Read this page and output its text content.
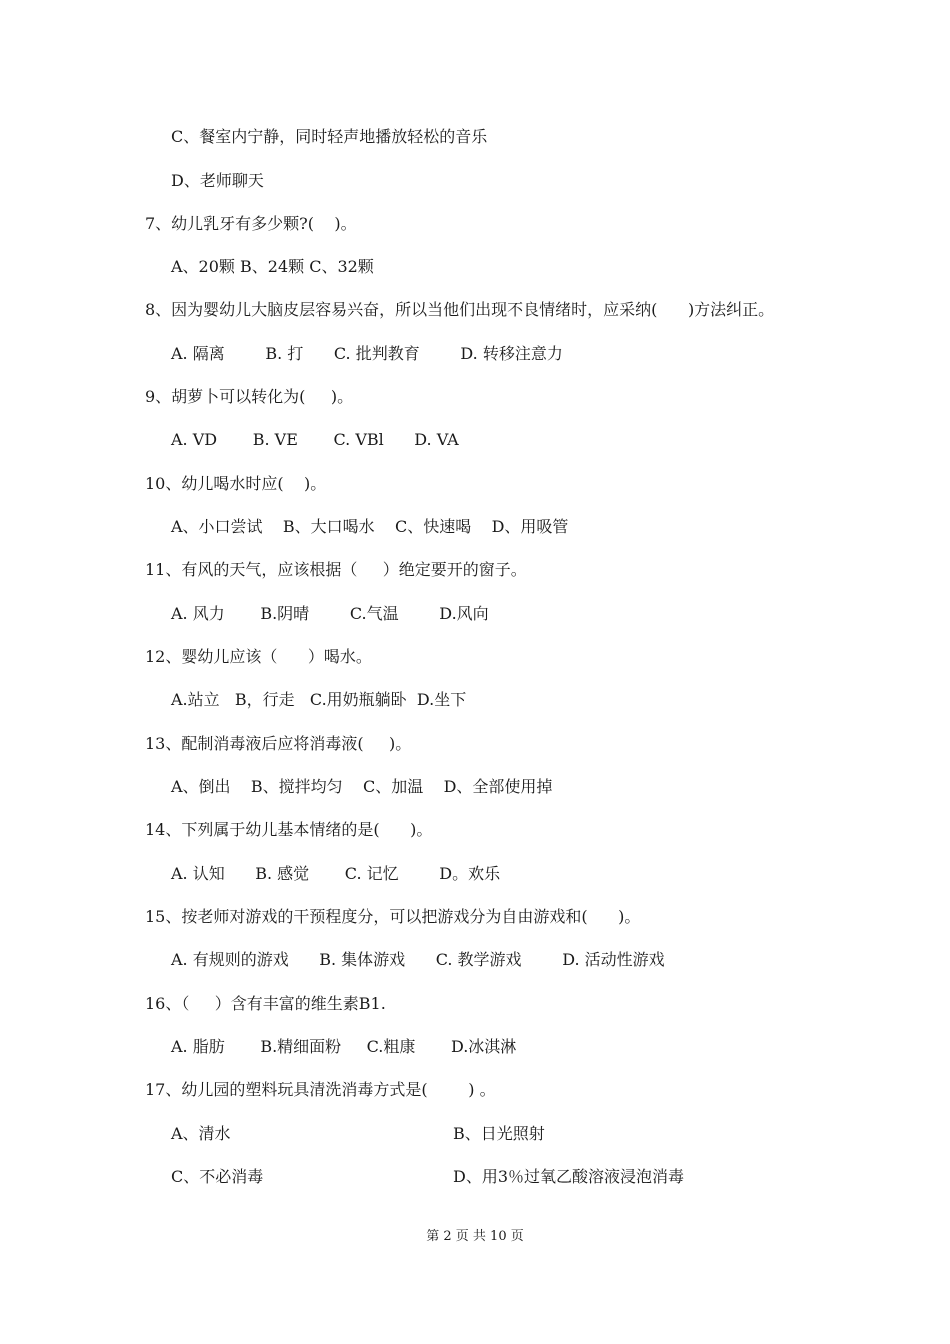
C、餐室内宁静，同时轻声地播放轻松的音乐
D、老师聊天
7、幼儿乳牙有多少颗?(    )。
A、20颗 B、24颗 C、32颗
8、因为婴幼儿大脑皮层容易兴奋，所以当他们出现不良情绪时，应采纳(      )方法纠正。
A. 隔离        B. 打      C. 批判教育        D. 转移注意力
9、胡萝卜可以转化为(     )。
A. VD       B. VE       C. VBl      D. VA
10、幼儿喝水时应(    )。
A、小口尝试    B、大口喝水    C、快速喝    D、用吸管
11、有风的天气，应该根据（     ）绝定要开的窗子。
A. 风力       B.阴晴        C.气温        D.风向
12、婴幼儿应该（      ）喝水。
A.站立   B，行走   C.用奶瓶躺卧  D.坐下
13、配制消毒液后应将消毒液(     )。
A、倒出    B、搅拌均匀    C、加温    D、全部使用掉
14、下列属于幼儿基本情绪的是(      )。
A. 认知      B. 感觉       C. 记忆        D。欢乐
15、按老师对游戏的干预程度分，可以把游戏分为自由游戏和(      )。
A. 有规则的游戏      B. 集体游戏      C. 教学游戏        D. 活动性游戏
16、（     ）含有丰富的维生素B1.
A. 脂肪       B.精细面粉     C.粗康       D.冰淇淋
17、幼儿园的塑料玩具清洗消毒方式是(        ) 。
A、清水	B、日光照射
C、不必消毒	D、用3％过氧乙酸溶液浸泡消毒
第 2 页 共 10 页
